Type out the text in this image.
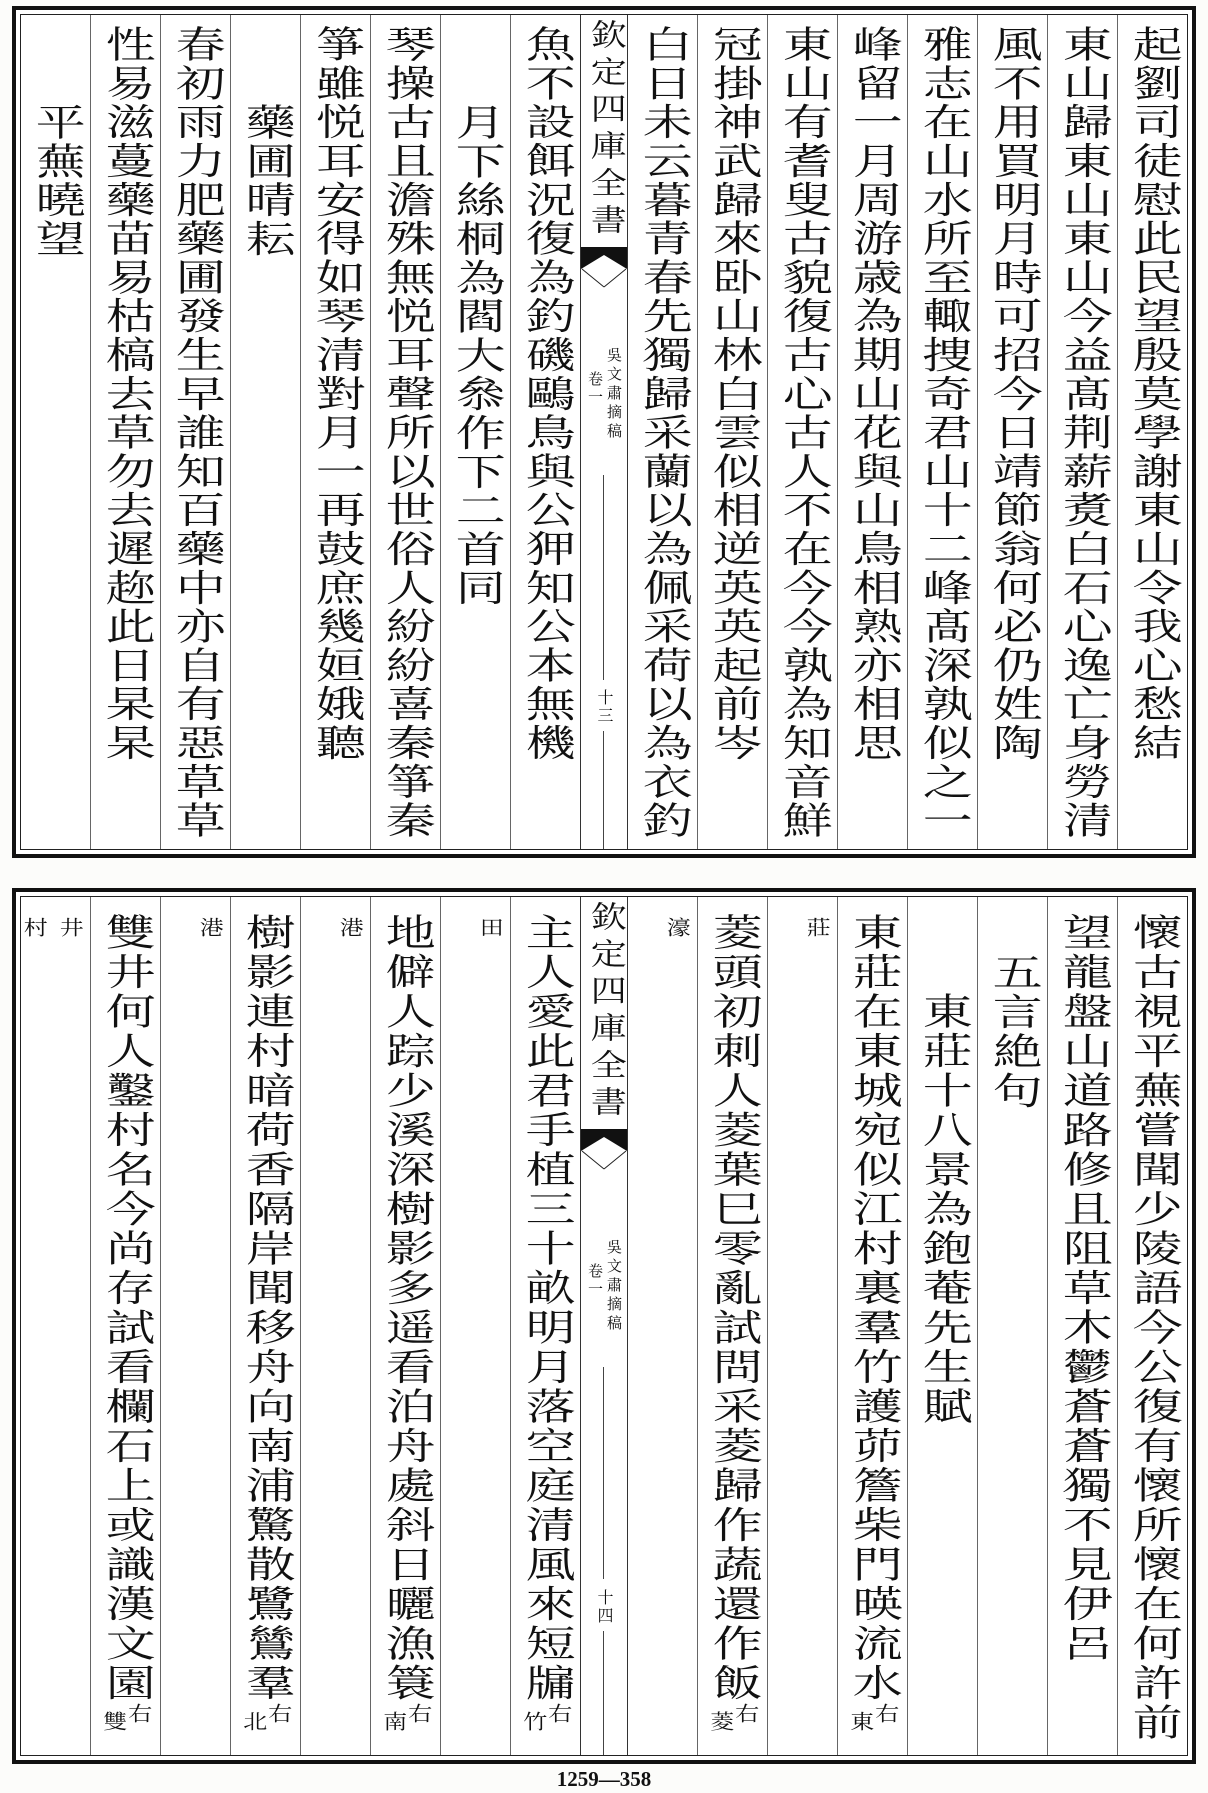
起劉司徒慰此民望殷莫學謝東山令我心愁結
東山歸東山東山今益髙荆薪煑白石心逸亡身勞清
風不用買明月時可招今日靖節翁何必仍姓陶
雅志在山水所至輙捜奇君山十二峰髙深孰似之一
峰留一月周游歳為期山花與山鳥相熟亦相思
東山有耆叟古貌復古心古人不在今今孰為知音鮮
冠掛神武歸來卧山林白雲似相逆英英起前岑
白日未云暮青春先獨歸采蘭以為佩采荷以為衣釣
欽定四庫全書
吳文肅摘稿
卷一
十三
魚不設餌況復為釣磯鷗鳥與公狎知公本無機
月下絲桐為閻大叅作下二首同
琴操古且澹殊無悦耳聲所以世俗人紛紛喜秦箏秦
箏雖悦耳安得如琴清對月一再鼓庶幾姮娥聽
藥圃晴耘
春初雨力肥藥圃發生早誰知百藥中亦自有惡草草
性易滋蔓藥苗易枯槁去草勿去遲趂此日杲杲
平蕪曉望
懷古視平蕪嘗聞少陵語今公復有懷所懷在何許前
望龍盤山道路修且阻草木鬱蒼蒼獨不見伊呂
五言絶句
東莊十八景為鉋菴先生賦
東莊在東城宛似江村裏羣竹護茆簷柴門暎流水
右
東
莊
菱頭初刺人菱葉巳零亂試問采菱歸作蔬還作飯
右
菱
濠
欽定四庫全書
吳文肅摘稿
卷一
十四
主人愛此君手植三十畝明月落空庭清風來短牖
右
竹
田
地僻人踪少溪深樹影多遥看泊舟處斜日曬漁簑
右
南
港
樹影連村暗荷香隔岸聞移舟向南浦驚散鷺鷥羣
右
北
港
雙井何人鑿村名今尚存試看欄石上或識漢文園
右
雙
井
村
1259—358
